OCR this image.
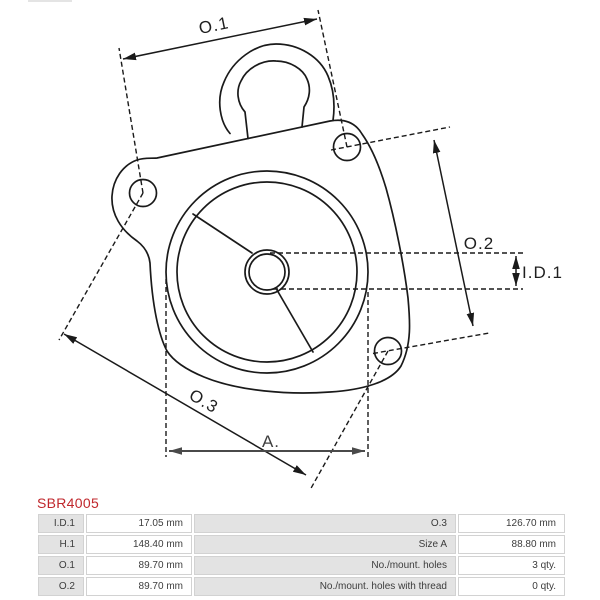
O.1
O.2
O.3
I.D.1
A.
SBR4005
I.D.1	17.05 mm	O.3	126.70 mm
H.1	148.40 mm	Size A	88.80 mm
O.1	89.70 mm	No./mount. holes	3 qty.
O.2	89.70 mm	No./mount. holes with thread	0 qty.
